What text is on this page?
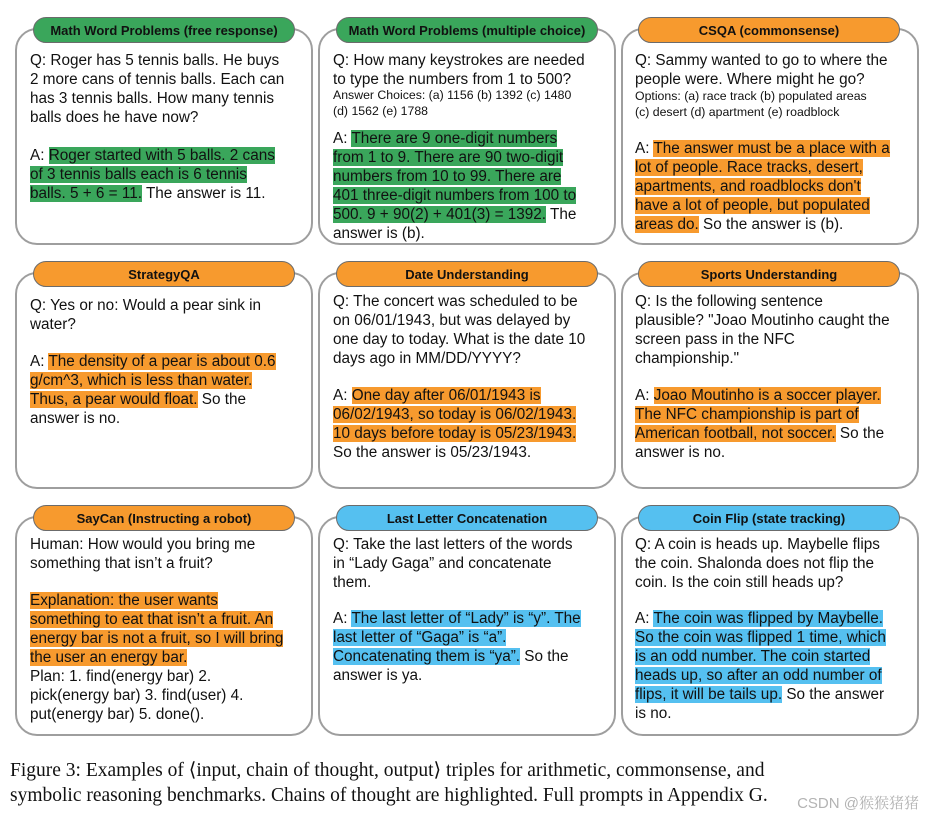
Math Word Problems (free response)
Q: Roger has 5 tennis balls. He buys
2 more cans of tennis balls. Each can
has 3 tennis balls. How many tennis
balls does he have now?
A: Roger started with 5 balls. 2 cans
of 3 tennis balls each is 6 tennis
balls. 5 + 6 = 11. The answer is 11.
Math Word Problems (multiple choice)
Q: How many keystrokes are needed
to type the numbers from 1 to 500?
Answer Choices: (a) 1156 (b) 1392 (c) 1480
(d) 1562 (e) 1788
A: There are 9 one-digit numbers
from 1 to 9. There are 90 two-digit
numbers from 10 to 99. There are
401 three-digit numbers from 100 to
500. 9 + 90(2) + 401(3) = 1392. The
answer is (b).
CSQA (commonsense)
Q: Sammy wanted to go to where the
people were. Where might he go?
Options: (a) race track (b) populated areas
(c) desert (d) apartment (e) roadblock
A: The answer must be a place with a
lot of people. Race tracks, desert,
apartments, and roadblocks don't
have a lot of people, but populated
areas do. So the answer is (b).
StrategyQA
Q: Yes or no: Would a pear sink in
water?
A: The density of a pear is about 0.6
g/cm^3, which is less than water.
Thus, a pear would float. So the
answer is no.
Date Understanding
Q: The concert was scheduled to be
on 06/01/1943, but was delayed by
one day to today. What is the date 10
days ago in MM/DD/YYYY?
A: One day after 06/01/1943 is
06/02/1943, so today is 06/02/1943.
10 days before today is 05/23/1943.
So the answer is 05/23/1943.
Sports Understanding
Q: Is the following sentence
plausible? "Joao Moutinho caught the
screen pass in the NFC
championship."
A: Joao Moutinho is a soccer player.
The NFC championship is part of
American football, not soccer. So the
answer is no.
SayCan (Instructing a robot)
Human: How would you bring me
something that isn’t a fruit?
Explanation: the user wants
something to eat that isn’t a fruit. An
energy bar is not a fruit, so I will bring
the user an energy bar.
Plan: 1. find(energy bar) 2.
pick(energy bar) 3. find(user) 4.
put(energy bar) 5. done().
Last Letter Concatenation
Q: Take the last letters of the words
in “Lady Gaga” and concatenate
them.
A: The last letter of “Lady” is “y”. The
last letter of “Gaga” is “a”.
Concatenating them is “ya”. So the
answer is ya.
Coin Flip (state tracking)
Q: A coin is heads up. Maybelle flips
the coin. Shalonda does not flip the
coin. Is the coin still heads up?
A: The coin was flipped by Maybelle.
So the coin was flipped 1 time, which
is an odd number. The coin started
heads up, so after an odd number of
flips, it will be tails up. So the answer
is no.
Figure 3: Examples of ⟨input, chain of thought, output⟩ triples for arithmetic, commonsense, and
symbolic reasoning benchmarks. Chains of thought are highlighted. Full prompts in Appendix G.	CSDN @猴猴猪猪
